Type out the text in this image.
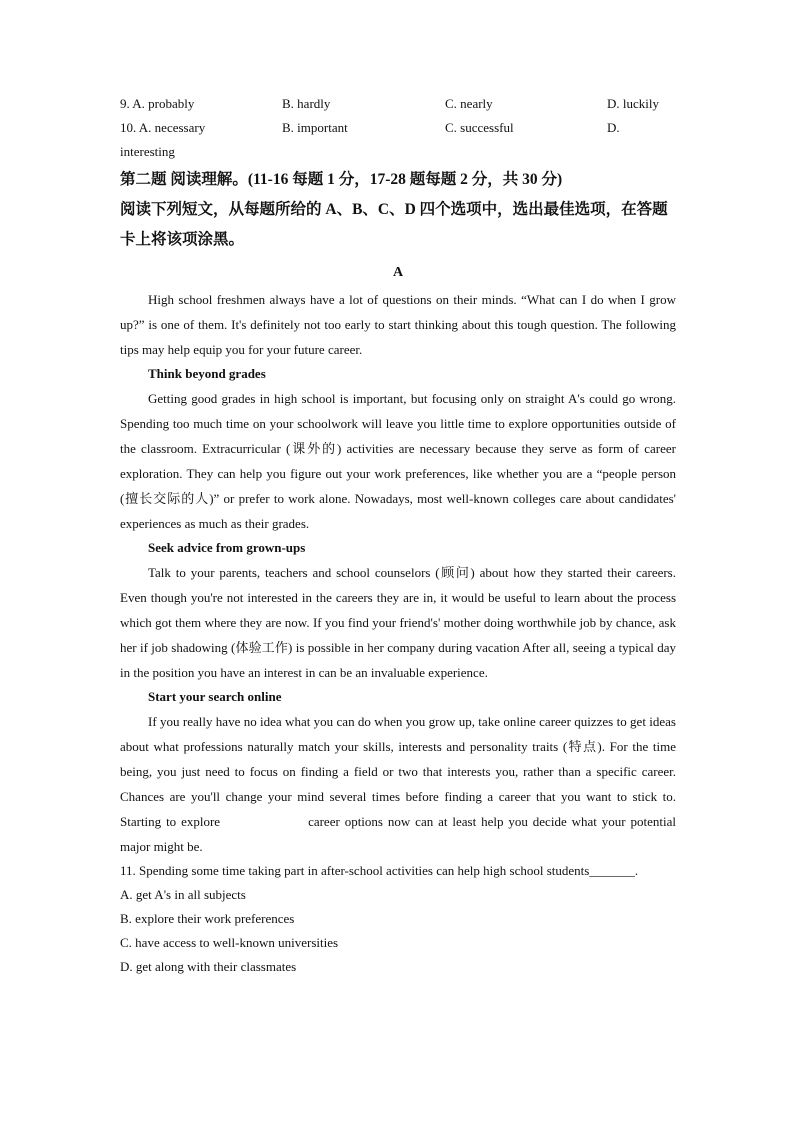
9. A. probably	B. hardly	C. nearly	D. luckily
10. A. necessary	B. important	C. successful	D.
interesting
第二题 阅读理解。(11-16 每题 1 分，17-28 题每题 2 分，共 30 分)
阅读下列短文，从每题所给的 A、B、C、D 四个选项中，选出最佳选项，在答题卡上将该项涂黑。
A

High school freshmen always have a lot of questions on their minds. “What can I do when I grow up?” is one of them. It's definitely not too early to start thinking about this tough question. The following tips may help equip you for your future career.

Think beyond grades

Getting good grades in high school is important, but focusing only on straight A's could go wrong. Spending too much time on your schoolwork will leave you little time to explore opportunities outside of the classroom. Extracurricular (课外的) activities are necessary because they serve as form of career exploration. They can help you figure out your work preferences, like whether you are a “people person (擅长交际的人)” or prefer to work alone. Nowadays, most well-known colleges care about candidates' experiences as much as their grades.

Seek advice from grown-ups

Talk to your parents, teachers and school counselors (顾问) about how they started their careers. Even though you're not interested in the careers they are in, it would be useful to learn about the process which got them where they are now. If you find your friend's' mother doing worthwhile job by chance, ask her if job shadowing (体验工作) is possible in her company during vacation After all, seeing a typical day in the position you have an interest in can be an invaluable experience.

Start your search online

If you really have no idea what you can do when you grow up, take online career quizzes to get ideas about what professions naturally match your skills, interests and personality traits (特点). For the time being, you just need to focus on finding a field or two that interests you, rather than a specific career. Chances are you'll change your mind several times before finding a career that you want to stick to. Starting to explore	career options now can at least help you decide what your potential major might be.

11. Spending some time taking part in after-school activities can help high school students_______.

A. get A's in all subjects

B. explore their work preferences

C. have access to well-known universities

D. get along with their classmates
